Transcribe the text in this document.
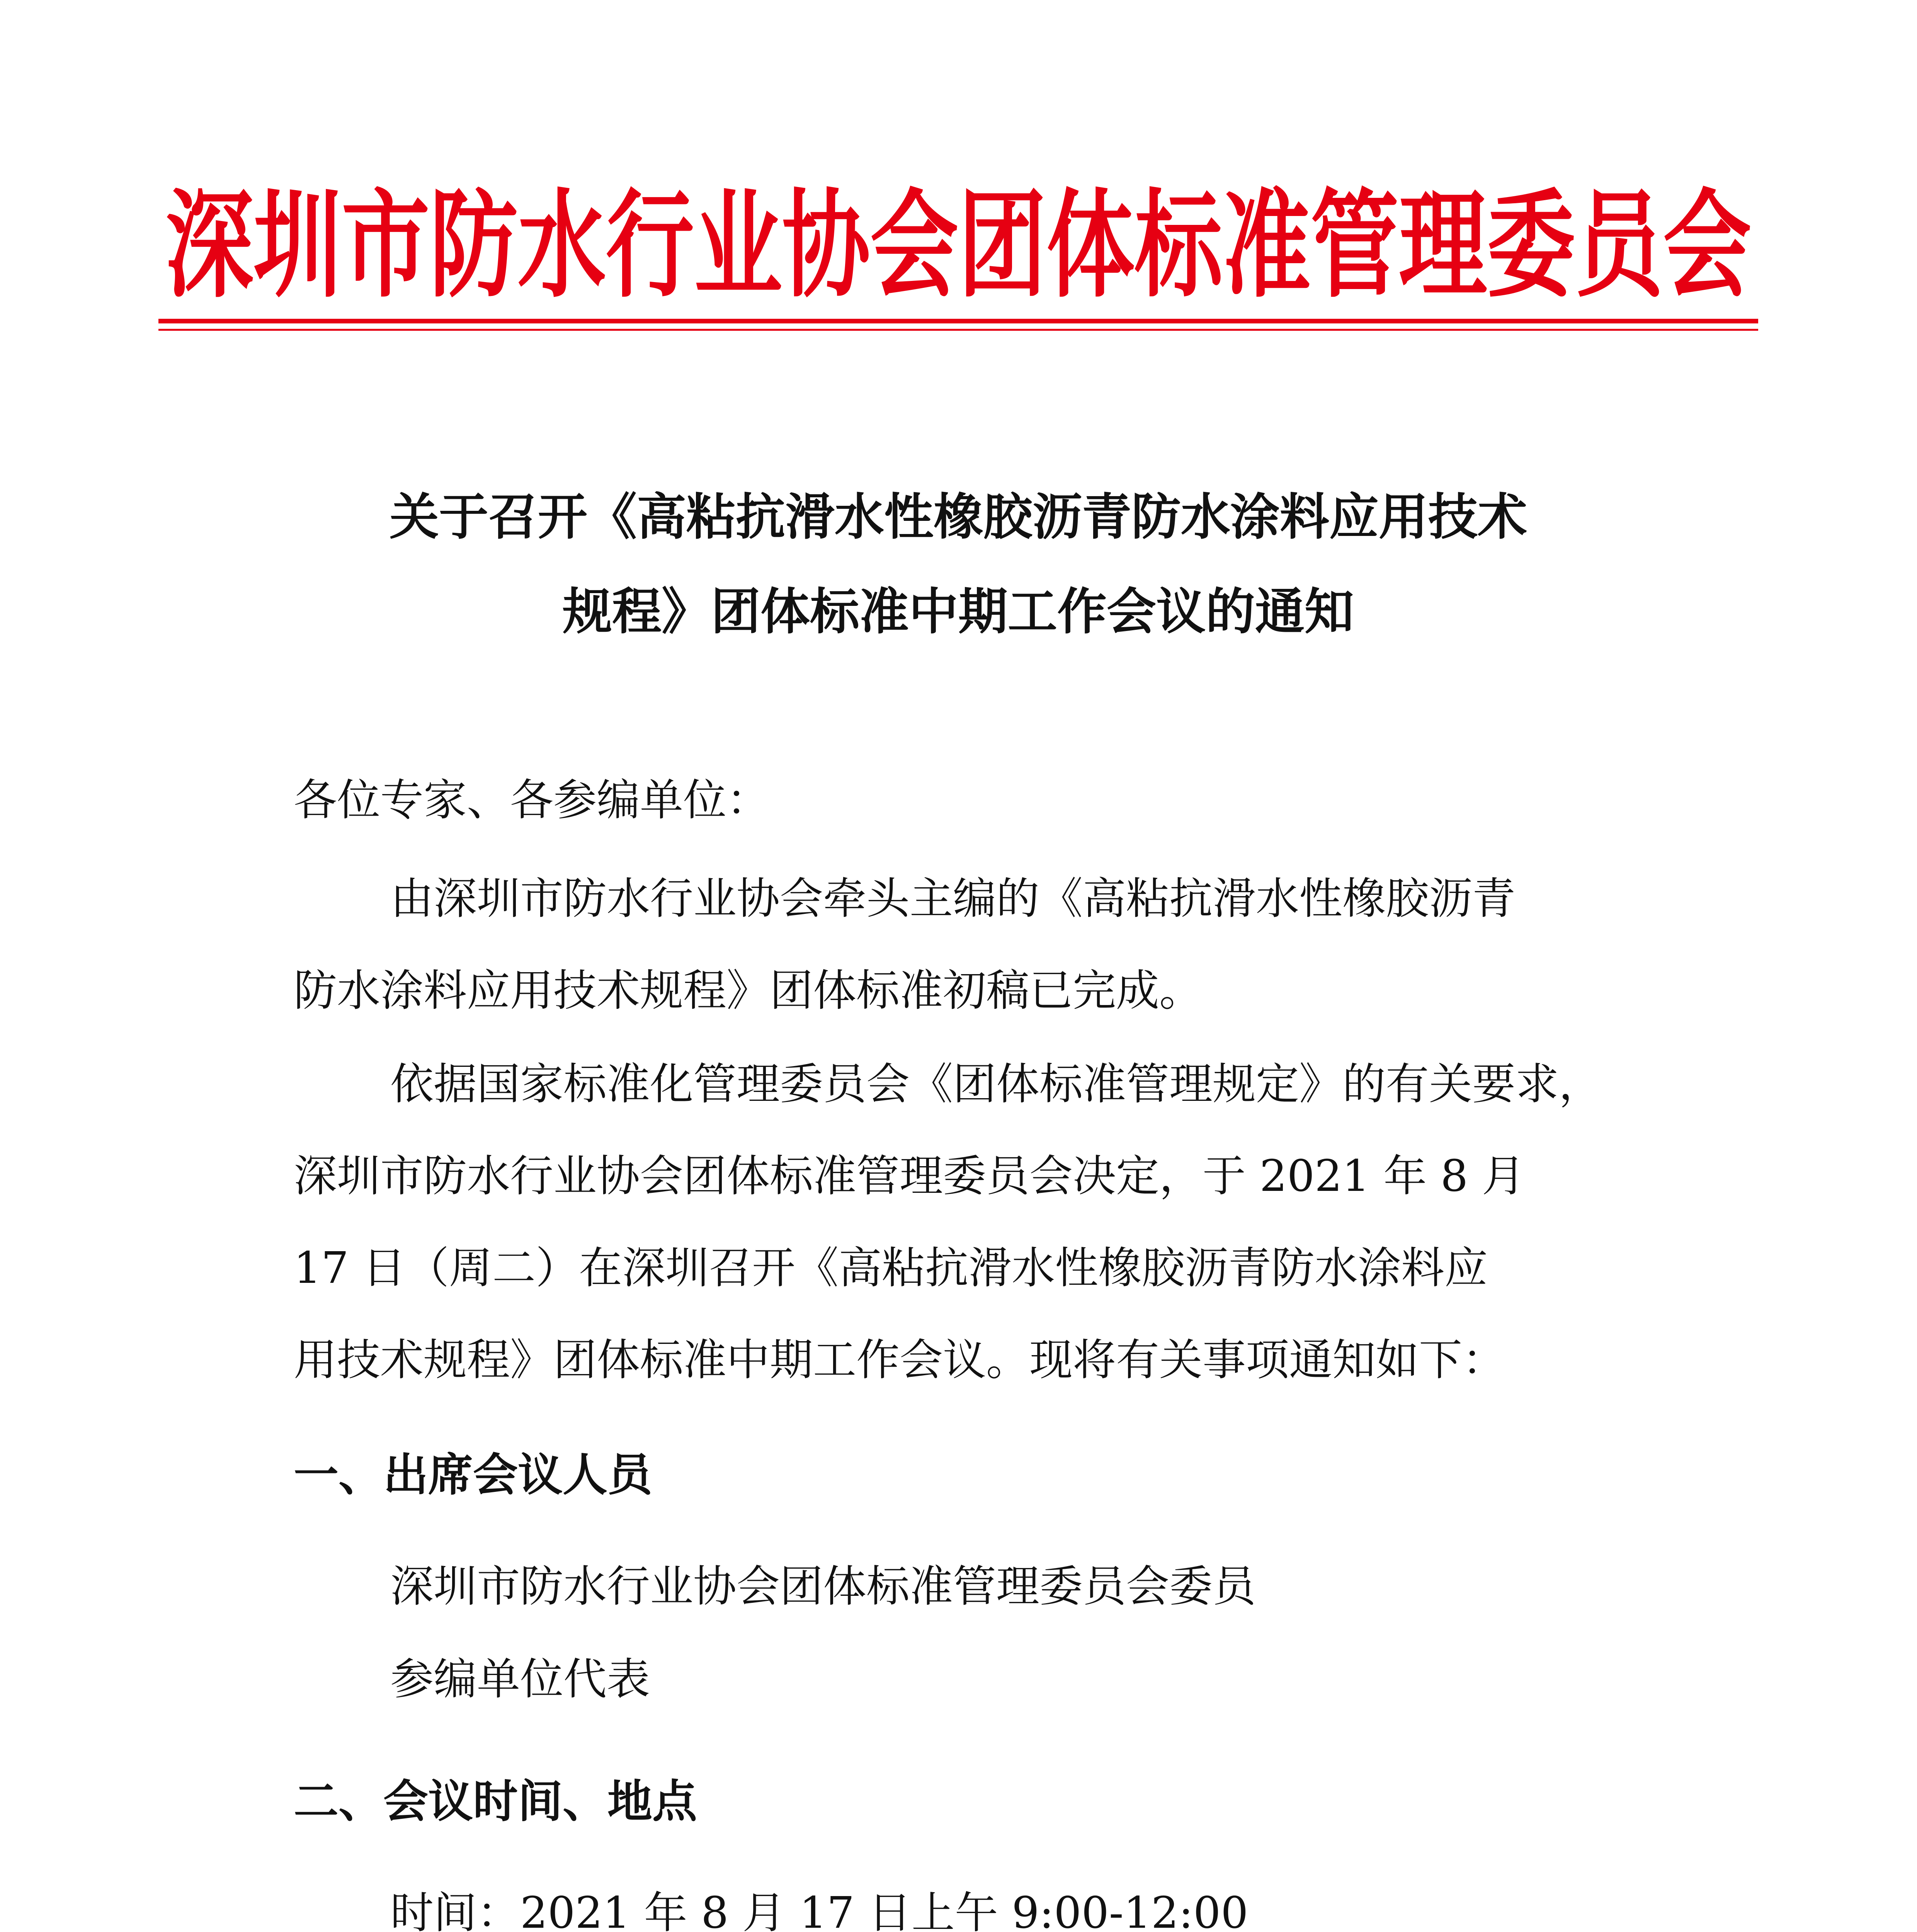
深圳市防水行业协会团体标准管理委员会
关于召开《高粘抗滑水性橡胶沥青防水涂料应用技术
规程》团体标准中期工作会议的通知
各位专家、各参编单位：
由深圳市防水行业协会牵头主编的《高粘抗滑水性橡胶沥青
防水涂料应用技术规程》团体标准初稿已完成。
依据国家标准化管理委员会《团体标准管理规定》的有关要求，
深圳市防水行业协会团体标准管理委员会决定，于 2021 年 8 月
17 日（周二）在深圳召开《高粘抗滑水性橡胶沥青防水涂料应
用技术规程》团体标准中期工作会议。现将有关事项通知如下：
一、出席会议人员
深圳市防水行业协会团体标准管理委员会委员
参编单位代表
二、会议时间、地点
时间：2021 年 8 月 17 日上午 9:00-12:00
